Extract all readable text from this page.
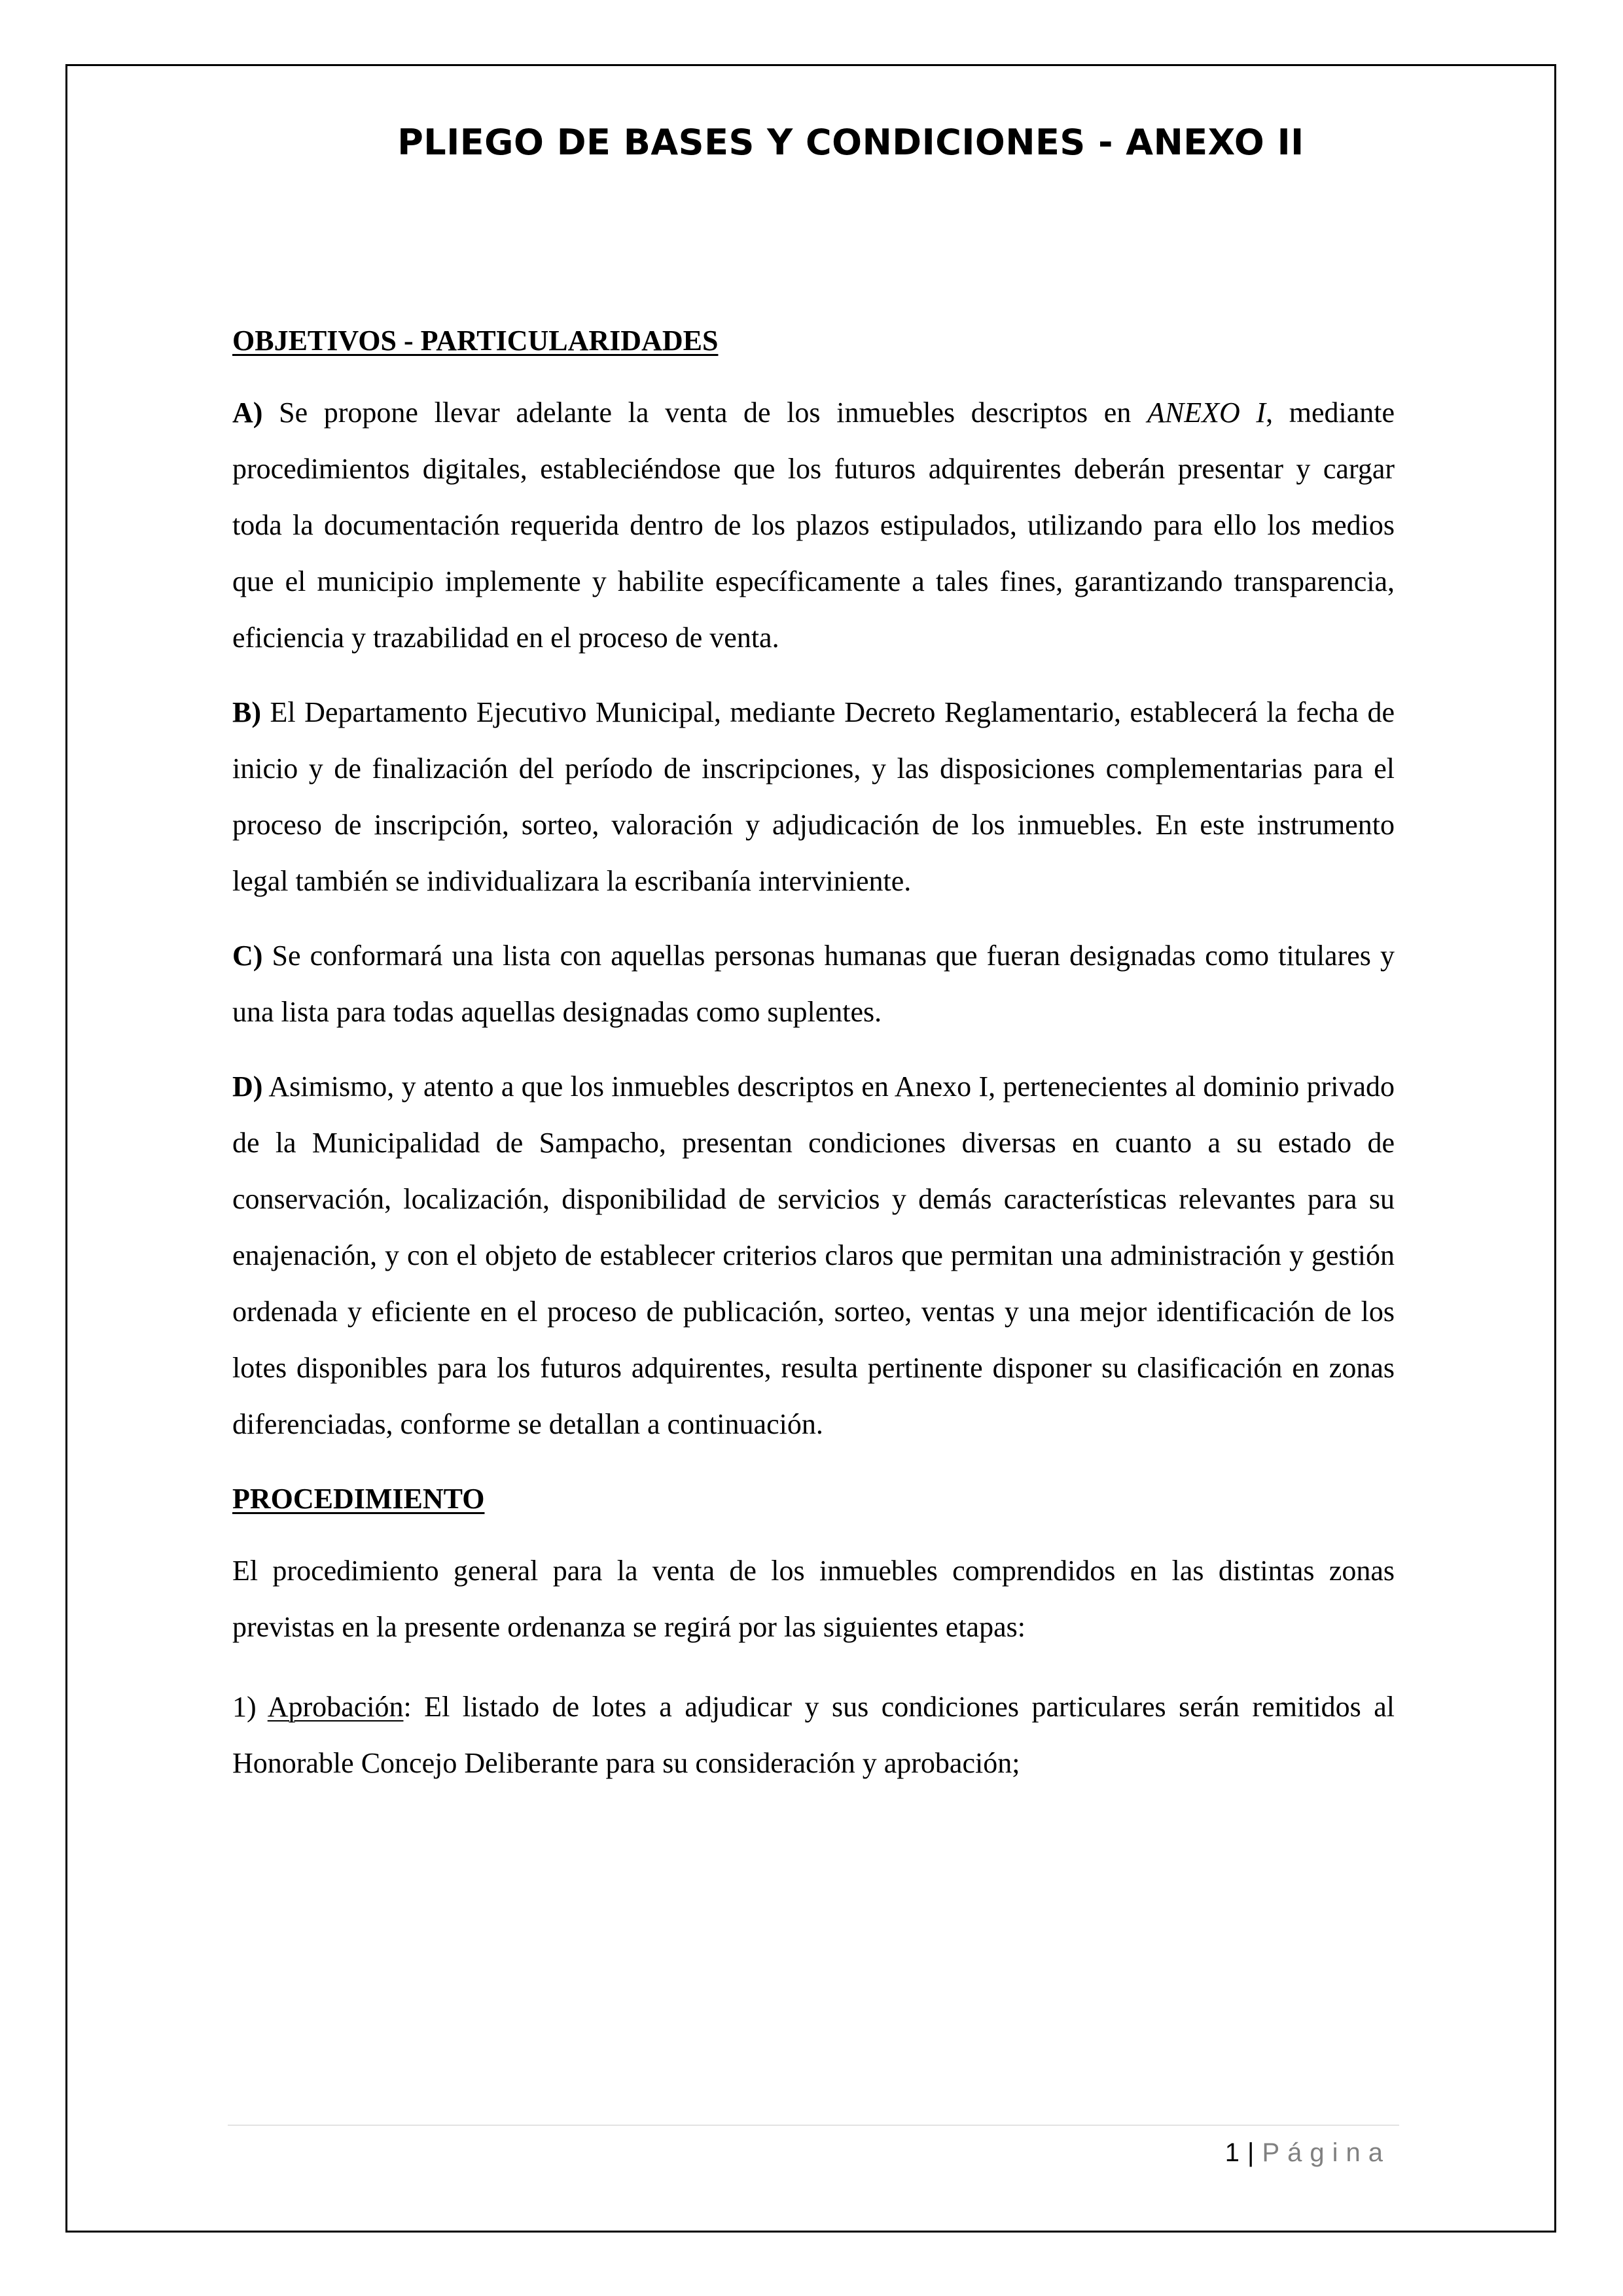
PLIEGO DE BASES Y CONDICIONES - ANEXO II

OBJETIVOS - PARTICULARIDADES

A) Se propone llevar adelante la venta de los inmuebles descriptos en ANEXO I, mediante procedimientos digitales, estableciéndose que los futuros adquirentes deberán presentar y cargar toda la documentación requerida dentro de los plazos estipulados, utilizando para ello los medios que el municipio implemente y habilite específicamente a tales fines, garantizando transparencia, eficiencia y trazabilidad en el proceso de venta.

B) El Departamento Ejecutivo Municipal, mediante Decreto Reglamentario, establecerá la fecha de inicio y de finalización del período de inscripciones, y las disposiciones complementarias para el proceso de inscripción, sorteo, valoración y adjudicación de los inmuebles. En este instrumento legal también se individualizara la escribanía interviniente.

C) Se conformará una lista con aquellas personas humanas que fueran designadas como titulares y una lista para todas aquellas designadas como suplentes.

D) Asimismo, y atento a que los inmuebles descriptos en Anexo I, pertenecientes al dominio privado de la Municipalidad de Sampacho, presentan condiciones diversas en cuanto a su estado de conservación, localización, disponibilidad de servicios y demás características relevantes para su enajenación, y con el objeto de establecer criterios claros que permitan una administración y gestión ordenada y eficiente en el proceso de publicación, sorteo, ventas y una mejor identificación de los lotes disponibles para los futuros adquirentes, resulta pertinente disponer su clasificación en zonas diferenciadas, conforme se detallan a continuación.

PROCEDIMIENTO

El procedimiento general para la venta de los inmuebles comprendidos en las distintas zonas previstas en la presente ordenanza se regirá por las siguientes etapas:

1) Aprobación: El listado de lotes a adjudicar y sus condiciones particulares serán remitidos al Honorable Concejo Deliberante para su consideración y aprobación;

1 | Página
